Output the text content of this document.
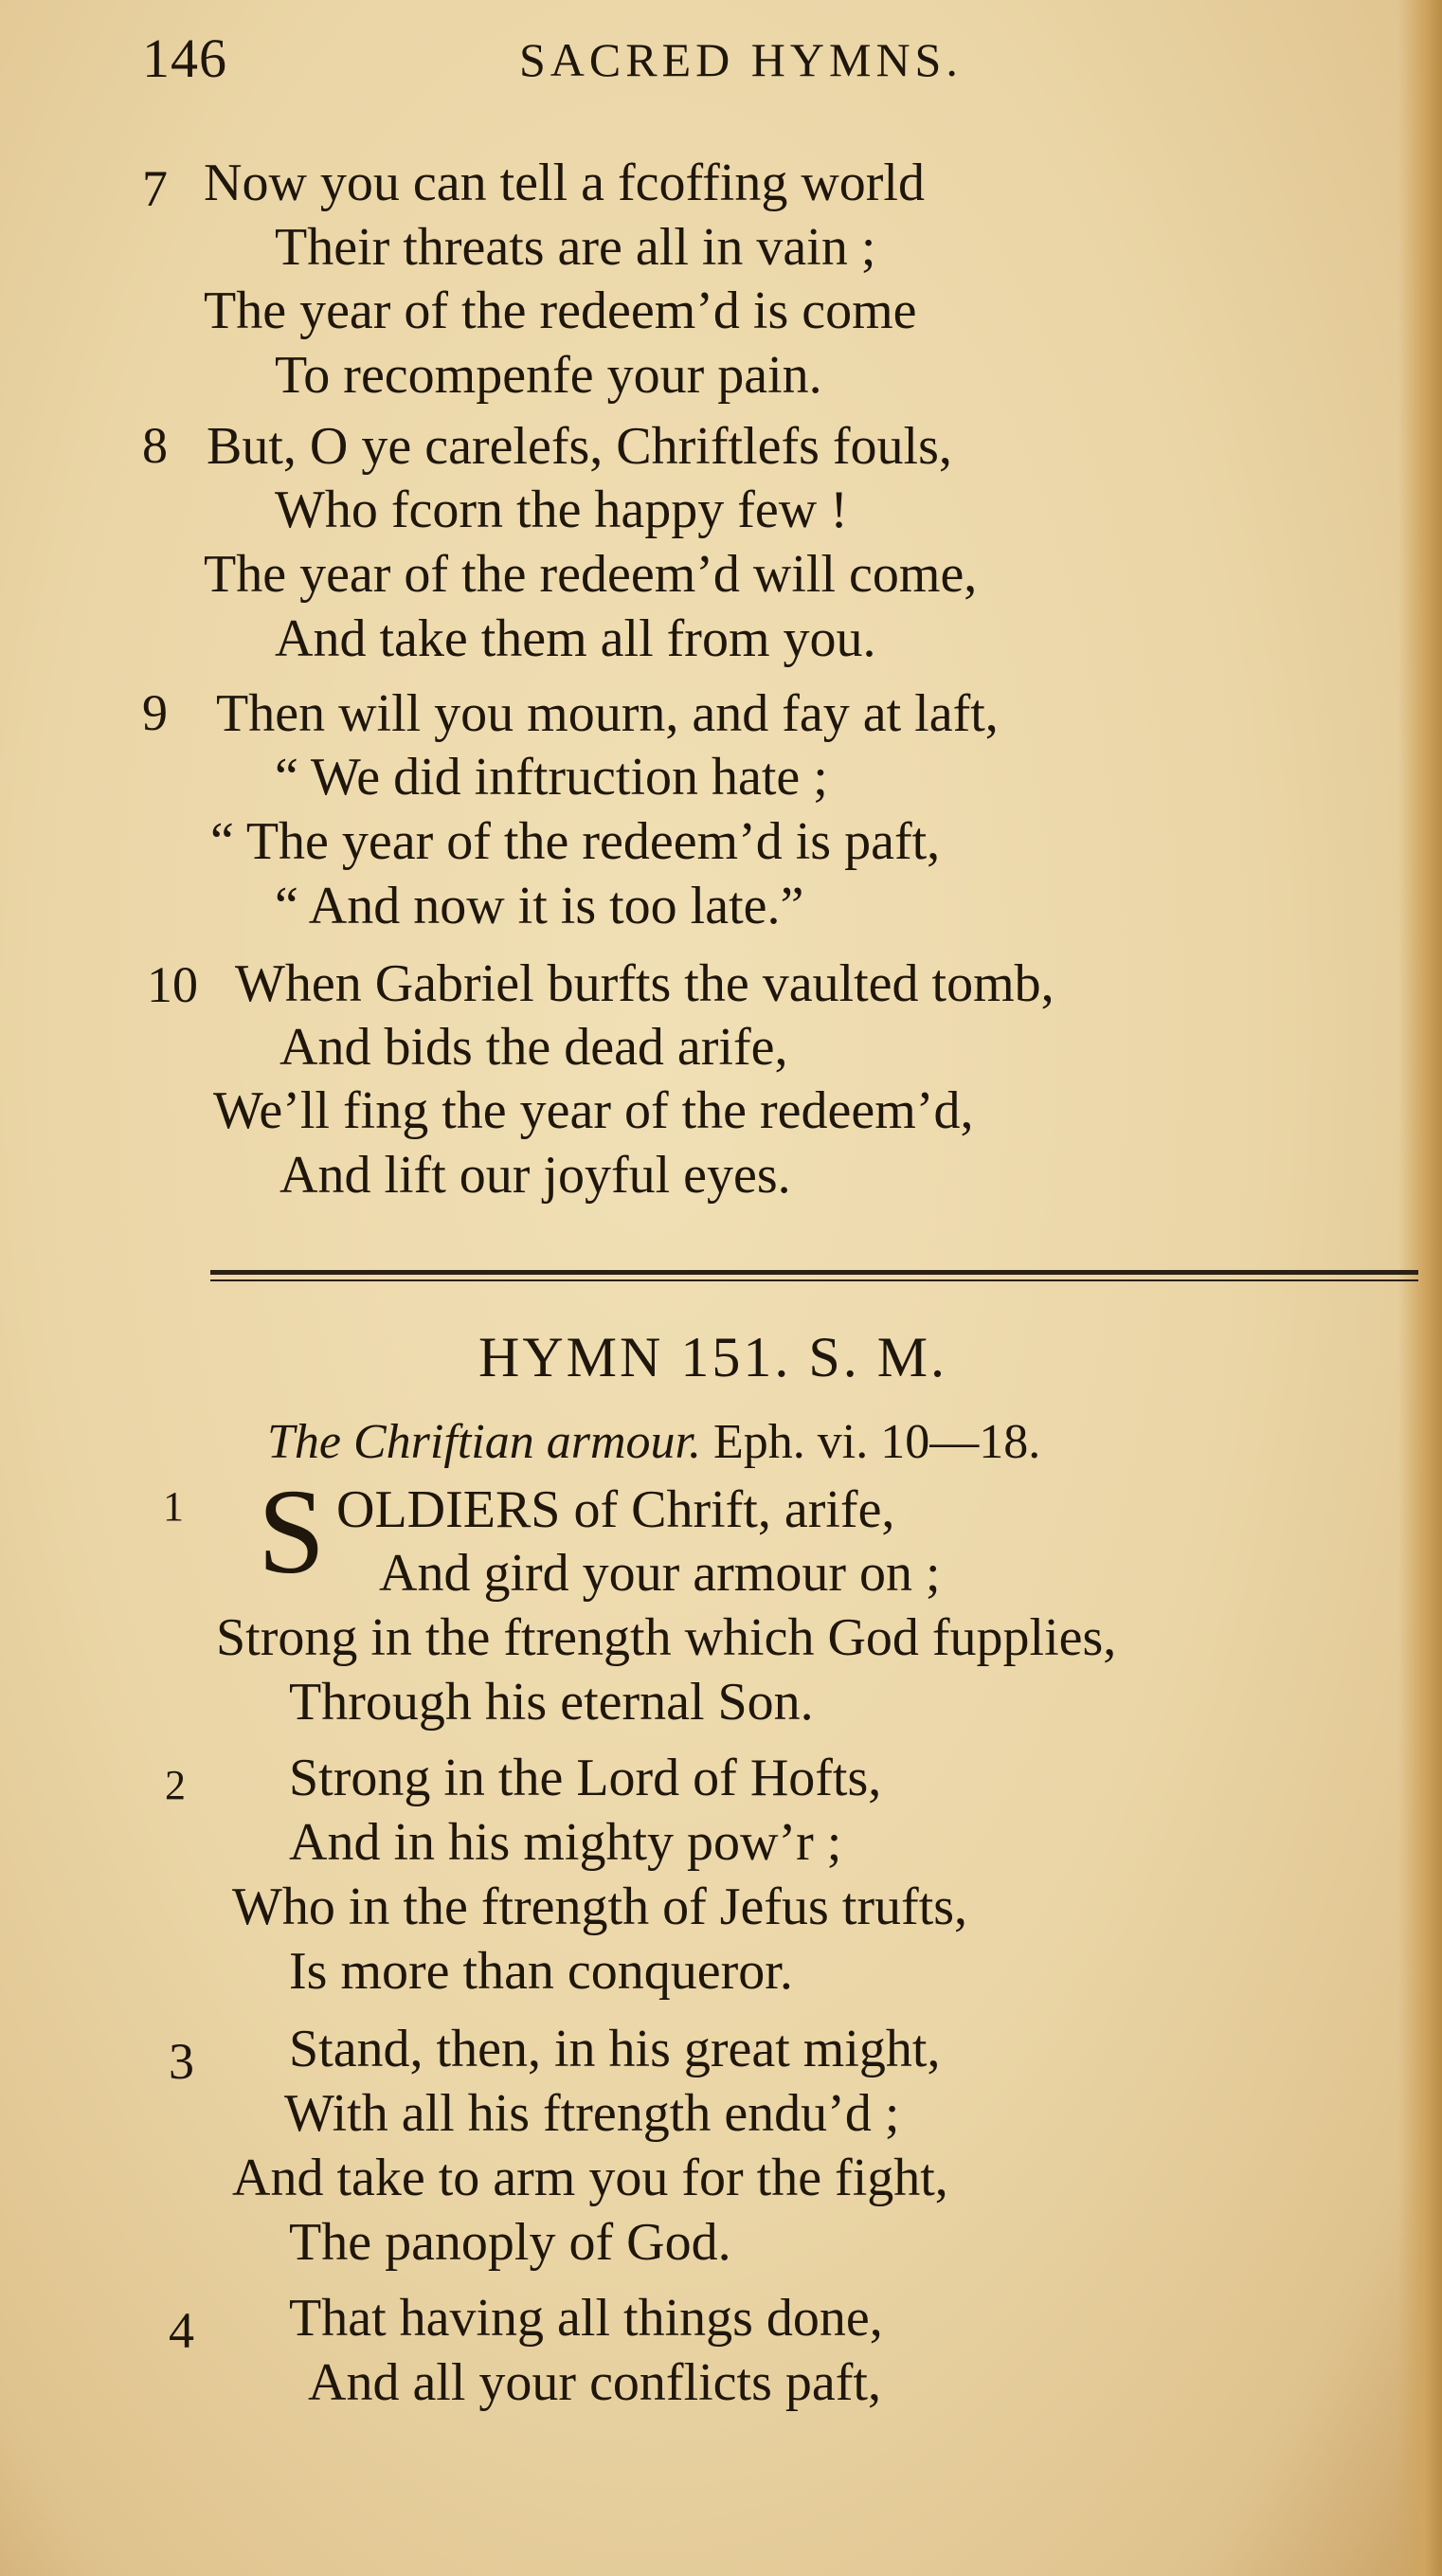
146	SACRED HYMNS.
7 Now you can tell a fcoffing world
Their threats are all in vain ;
The year of the redeem’d is come
To recompenfe your pain.
8 But, O ye carelefs, Chriftlefs fouls,
Who fcorn the happy few !
The year of the redeem’d will come,
And take them all from you.
9 Then will you mourn, and fay at laft,
“ We did inftruction hate ;
“ The year of the redeem’d is paft,
“ And now it is too late.”
10 When Gabriel burfts the vaulted tomb,
And bids the dead arife,
We’ll fing the year of the redeem’d,
And lift our joyful eyes.
HYMN 151. S. M.
The Chriftian armour. Eph. vi. 10—18.
1 S OLDIERS of Chrift, arife,
And gird your armour on ;
Strong in the ftrength which God fupplies,
Through his eternal Son.
2 Strong in the Lord of Hofts,
And in his mighty pow’r ;
Who in the ftrength of Jefus trufts,
Is more than conqueror.
3 Stand, then, in his great might,
With all his ftrength endu’d ;
And take to arm you for the fight,
The panoply of God.
4 That having all things done,
And all your conflicts paft,
